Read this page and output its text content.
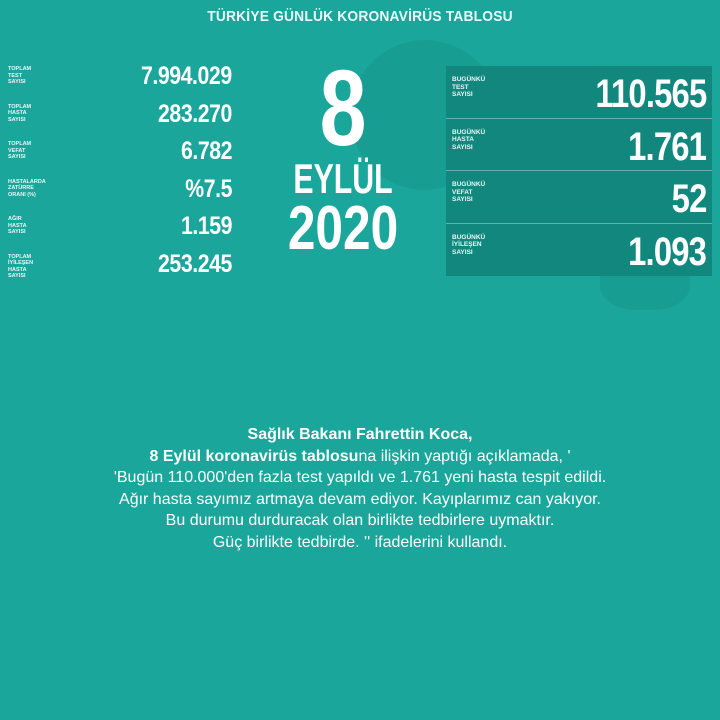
TÜRKİYE GÜNLÜK KORONAVİRÜS TABLOSU
TOPLAM
TEST
SAYISI	7.994.029
TOPLAM
HASTA
SAYISI	283.270
TOPLAM
VEFAT
SAYISI	6.782
HASTALARDA
ZATÜRRE
ORANI (%)	%7.5
AĞIR
HASTA
SAYISI	1.159
TOPLAM
İYİLEŞEN
HASTA
SAYISI	253.245
8
EYLÜL
2020
BUGÜNKÜ
TEST
SAYISI	110.565
BUGÜNKÜ
HASTA
SAYISI	1.761
BUGÜNKÜ
VEFAT
SAYISI	52
BUGÜNKÜ
İYİLEŞEN
SAYISI	1.093
Sağlık Bakanı Fahrettin Koca,
8 Eylül koronavirüs tablosuna ilişkin yaptığı açıklamada, '
'Bugün 110.000'den fazla test yapıldı ve 1.761 yeni hasta tespit edildi.
Ağır hasta sayımız artmaya devam ediyor. Kayıplarımız can yakıyor.
Bu durumu durduracak olan birlikte tedbirlere uymaktır.
Güç birlikte tedbirde. '' ifadelerini kullandı.
